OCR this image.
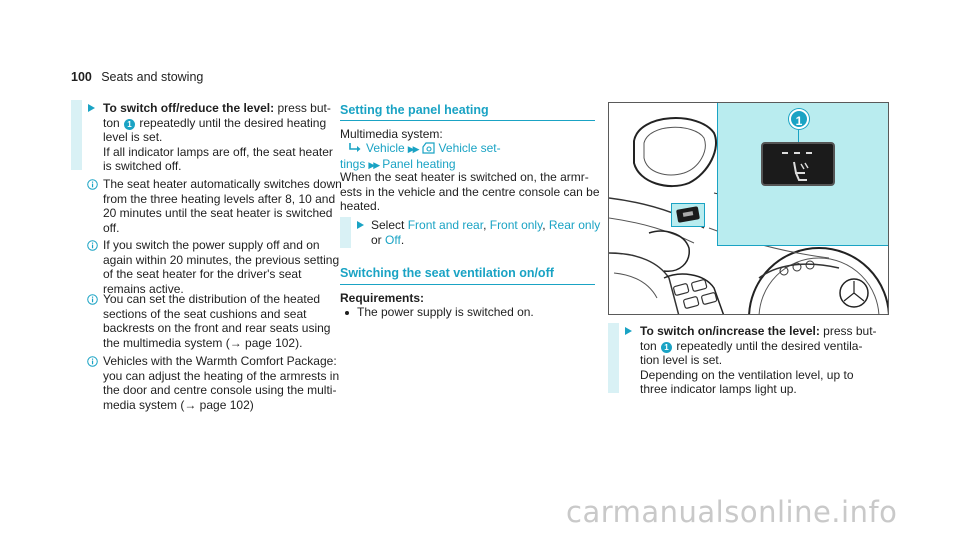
100 Seats and stowing
To switch off/reduce the level: press but-
ton 1 repeatedly until the desired heating
level is set.
If all indicator lamps are off, the seat heater
is switched off.
The seat heater automatically switches down
from the three heating levels after 8, 10 and
20 minutes until the seat heater is switched
off.
If you switch the power supply off and on
again within 20 minutes, the previous setting
of the seat heater for the driver's seat
remains active.
You can set the distribution of the heated
sections of the seat cushions and seat
backrests on the front and rear seats using
the multimedia system (→ page 102).
Vehicles with the Warmth Comfort Package:
you can adjust the heating of the armrests in
the door and centre console using the multi-
media system (→ page 102)
Setting the panel heating
Multimedia system:
Vehicle ▶▶ Vehicle set-
tings ▶▶ Panel heating
When the seat heater is switched on, the armr-
ests in the vehicle and the centre console can be
heated.
Select Front and rear, Front only, Rear only
or Off.
Switching the seat ventilation on/off
Requirements:
The power supply is switched on.
1
To switch on/increase the level: press but-
ton 1 repeatedly until the desired ventila-
tion level is set.
Depending on the ventilation level, up to
three indicator lamps light up.
carmanualsonline.info
